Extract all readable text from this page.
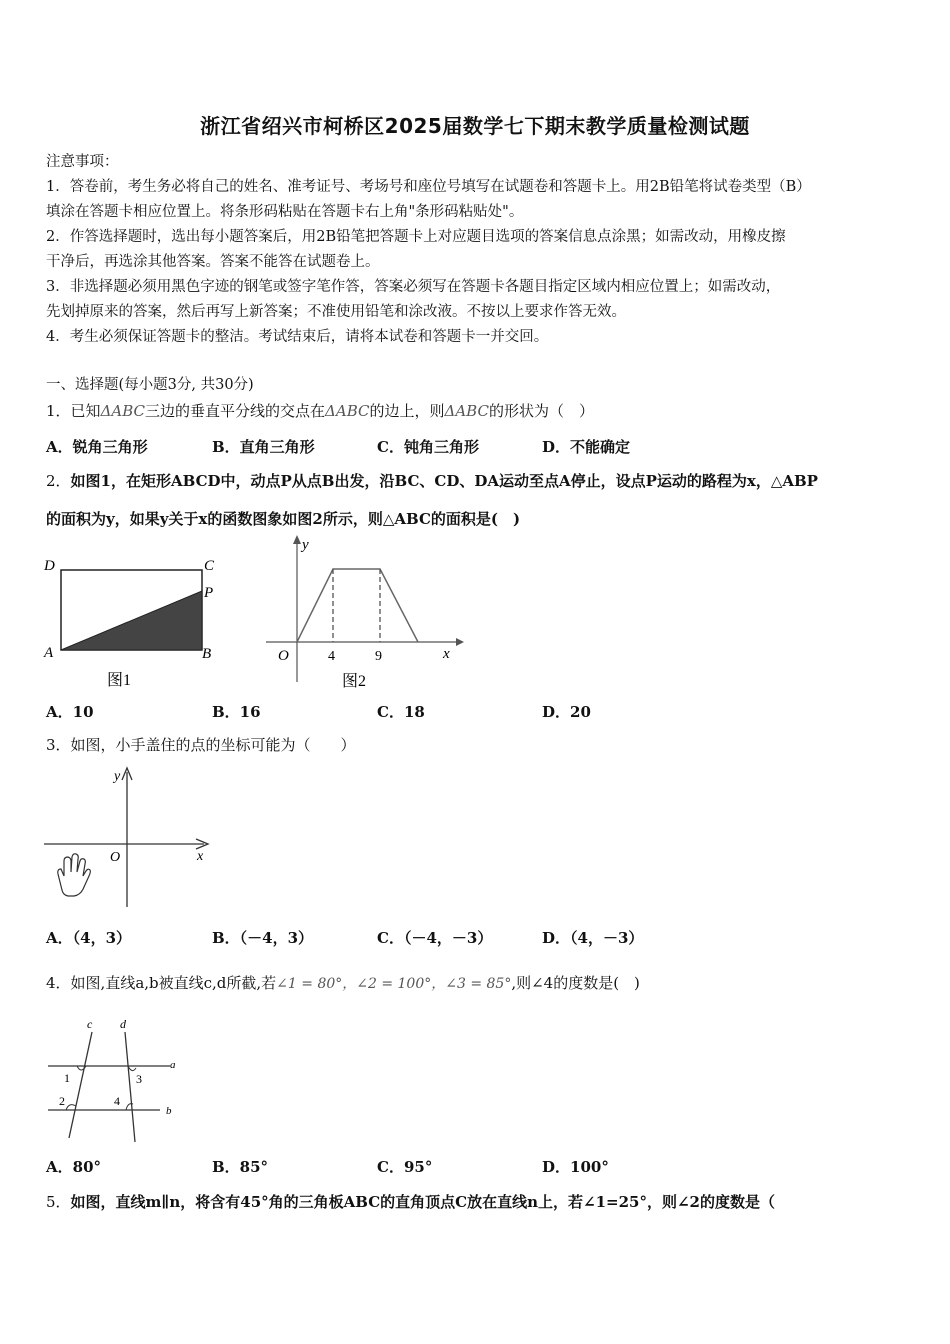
浙江省绍兴市柯桥区2025届数学七下期末教学质量检测试题
注意事项：
1．答卷前，考生务必将自己的姓名、准考证号、考场号和座位号填写在试题卷和答题卡上。用2B铅笔将试卷类型（B）
填涂在答题卡相应位置上。将条形码粘贴在答题卡右上角"条形码粘贴处"。
2．作答选择题时，选出每小题答案后，用2B铅笔把答题卡上对应题目选项的答案信息点涂黑；如需改动，用橡皮擦
干净后，再选涂其他答案。答案不能答在试题卷上。
3．非选择题必须用黑色字迹的钢笔或签字笔作答，答案必须写在答题卡各题目指定区域内相应位置上；如需改动，
先划掉原来的答案，然后再写上新答案；不准使用铅笔和涂改液。不按以上要求作答无效。
4．考生必须保证答题卡的整洁。考试结束后，请将本试卷和答题卡一并交回。
一、选择题(每小题3分, 共30分)
1．已知ΔABC三边的垂直平分线的交点在ΔABC的边上，则ΔABC的形状为（　）
A．锐角三角形	B．直角三角形	C．钝角三角形	D．不能确定
2．如图1，在矩形ABCD中，动点P从点B出发，沿BC、CD、DA运动至点A停止，设点P运动的路程为x，△ABP
的面积为y，如果y关于x的函数图象如图2所示，则△ABC的面积是(　)
D	C
P
A	B
图1
y
O	4	9	x
图2
A．10	B．16	C．18	D．20
3．如图，小手盖住的点的坐标可能为（　　）
y
O	x
A．（4，3）	B．（－4，3）	C．（－4，－3）	D．（4，－3）
4．如图,直线a,b被直线c,d所截,若∠1 = 80°，∠2 = 100°，∠3 = 85°,则∠4的度数是(　)
c d
a
b
1	3
2	4
A．80°	B．85°	C．95°	D．100°
5．如图，直线m∥n，将含有45°角的三角板ABC的直角顶点C放在直线n上，若∠1=25°，则∠2的度数是（
